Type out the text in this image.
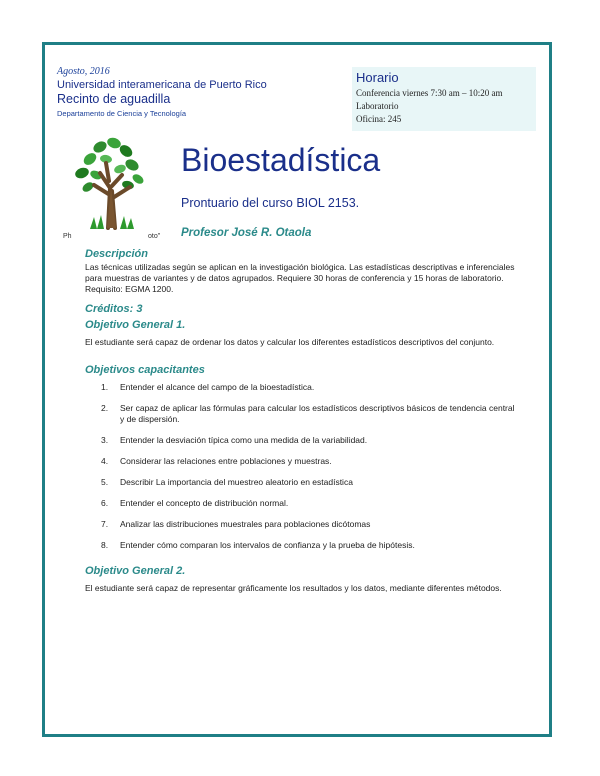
Agosto, 2016
Universidad interamericana de Puerto Rico
Recinto de aguadilla
Departamento de Ciencia y Tecnología
Horario
Conferencia viernes 7:30 am – 10:20 am
Laboratorio
Oficina: 245
Ph	oto"
Bioestadística
Prontuario del curso BIOL 2153.
Profesor José R. Otaola
Descripción
Las técnicas utilizadas según se aplican en la investigación biológica. Las estadísticas descriptivas e inferenciales para muestras de variantes y de datos agrupados. Requiere 30 horas de conferencia y 15 horas de laboratorio. Requisito: EGMA 1200.
Créditos: 3
Objetivo General 1.
El estudiante será capaz de ordenar los datos y calcular los diferentes estadísticos descriptivos del conjunto.
Objetivos capacitantes
1. Entender el alcance del campo de la bioestadística.
2. Ser capaz de aplicar las fórmulas para calcular los estadísticos descriptivos básicos de tendencia central y de dispersión.
3. Entender la desviación típica como una medida de la variabilidad.
4. Considerar las relaciones entre poblaciones y muestras.
5. Describir La importancia del muestreo aleatorio en estadística
6. Entender el concepto de distribución normal.
7. Analizar las distribuciones muestrales para poblaciones dicótomas
8. Entender cómo comparan los intervalos de confianza y la prueba de hipótesis.
Objetivo General 2.
El estudiante será capaz de representar gráficamente los resultados y los datos, mediante diferentes métodos.
